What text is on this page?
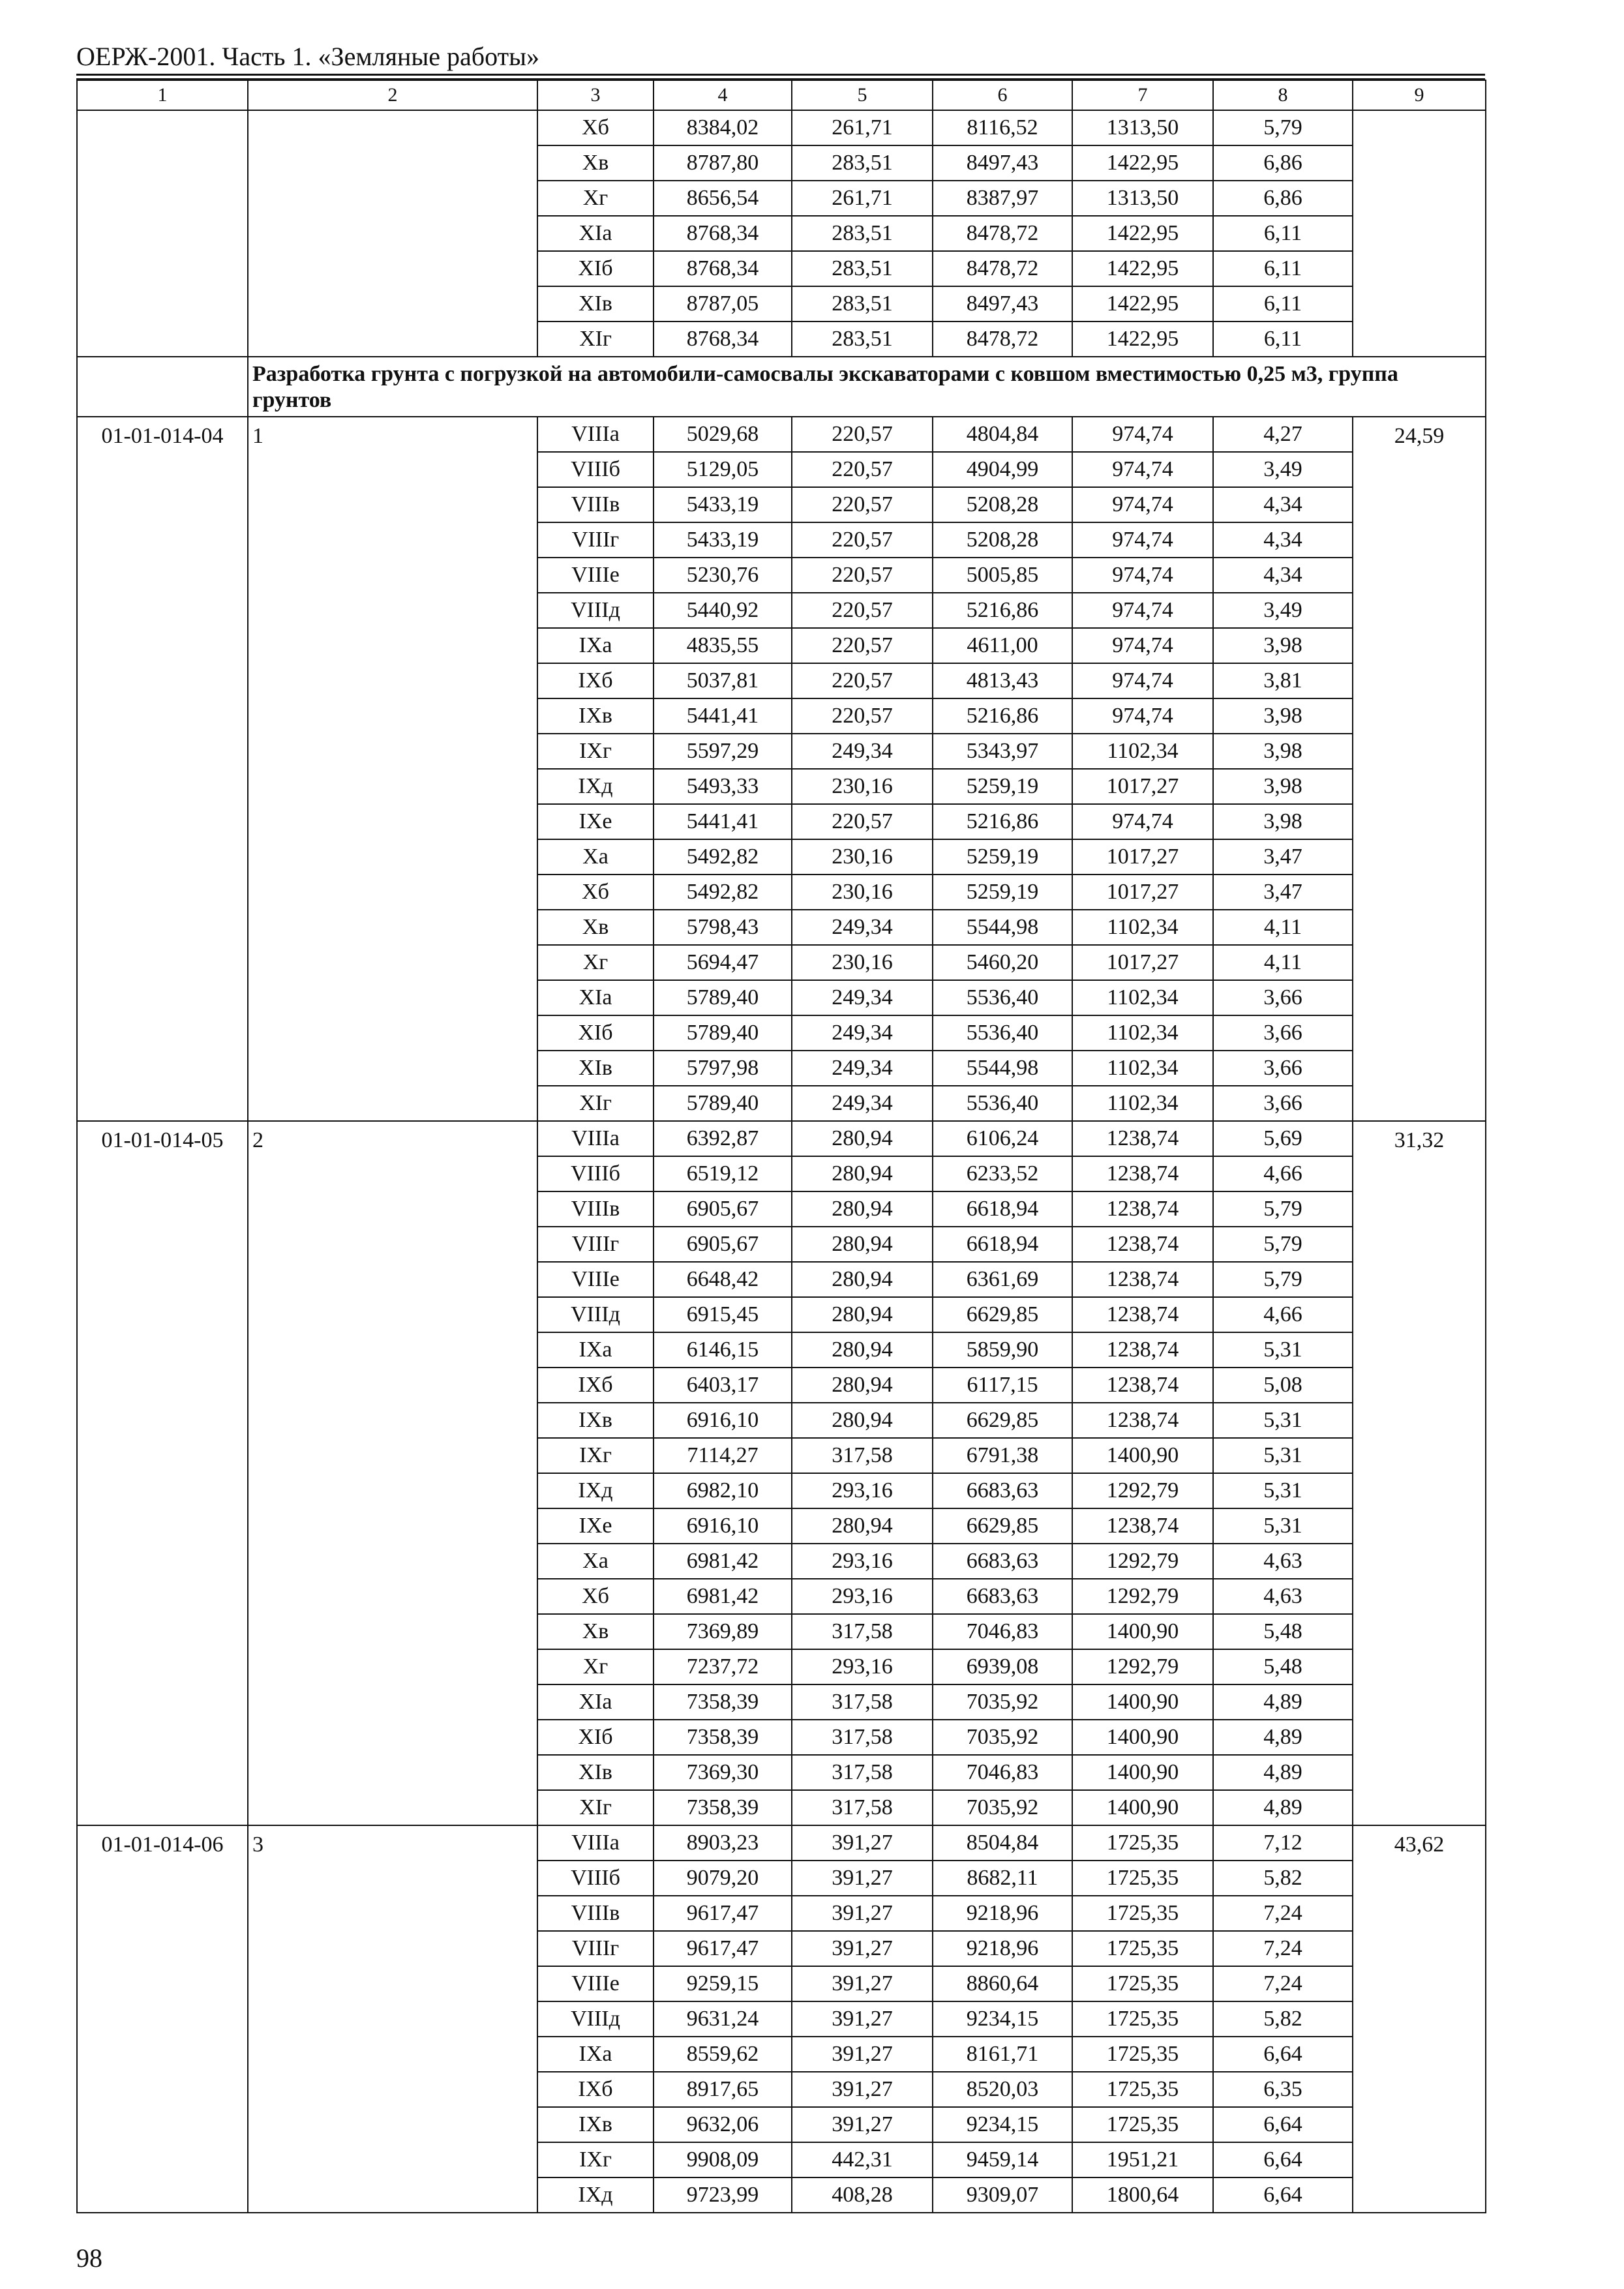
ОЕРЖ-2001. Часть 1. «Земляные работы»
1	2	3	4	5	6	7	8	9
		Хб	8384,02	261,71	8116,52	1313,50	5,79	
		Хв	8787,80	283,51	8497,43	1422,95	6,86	
		Хг	8656,54	261,71	8387,97	1313,50	6,86	
		ХIа	8768,34	283,51	8478,72	1422,95	6,11	
		ХIб	8768,34	283,51	8478,72	1422,95	6,11	
		ХIв	8787,05	283,51	8497,43	1422,95	6,11	
		ХIг	8768,34	283,51	8478,72	1422,95	6,11	
	Разработка грунта с погрузкой на автомобили-самосвалы экскаваторами с ковшом вместимостью 0,25 м3, группа грунтов							
01-01-014-04	1	VIIIа	5029,68	220,57	4804,84	974,74	4,27	24,59
		VIIIб	5129,05	220,57	4904,99	974,74	3,49	
		VIIIв	5433,19	220,57	5208,28	974,74	4,34	
		VIIIг	5433,19	220,57	5208,28	974,74	4,34	
		VIIIе	5230,76	220,57	5005,85	974,74	4,34	
		VIIIд	5440,92	220,57	5216,86	974,74	3,49	
		IХа	4835,55	220,57	4611,00	974,74	3,98	
		IХб	5037,81	220,57	4813,43	974,74	3,81	
		IХв	5441,41	220,57	5216,86	974,74	3,98	
		IХг	5597,29	249,34	5343,97	1102,34	3,98	
		IХд	5493,33	230,16	5259,19	1017,27	3,98	
		IХе	5441,41	220,57	5216,86	974,74	3,98	
		Ха	5492,82	230,16	5259,19	1017,27	3,47	
		Хб	5492,82	230,16	5259,19	1017,27	3,47	
		Хв	5798,43	249,34	5544,98	1102,34	4,11	
		Хг	5694,47	230,16	5460,20	1017,27	4,11	
		ХIа	5789,40	249,34	5536,40	1102,34	3,66	
		ХIб	5789,40	249,34	5536,40	1102,34	3,66	
		ХIв	5797,98	249,34	5544,98	1102,34	3,66	
		ХIг	5789,40	249,34	5536,40	1102,34	3,66	
01-01-014-05	2	VIIIа	6392,87	280,94	6106,24	1238,74	5,69	31,32
		VIIIб	6519,12	280,94	6233,52	1238,74	4,66	
		VIIIв	6905,67	280,94	6618,94	1238,74	5,79	
		VIIIг	6905,67	280,94	6618,94	1238,74	5,79	
		VIIIе	6648,42	280,94	6361,69	1238,74	5,79	
		VIIIд	6915,45	280,94	6629,85	1238,74	4,66	
		IХа	6146,15	280,94	5859,90	1238,74	5,31	
		IХб	6403,17	280,94	6117,15	1238,74	5,08	
		IХв	6916,10	280,94	6629,85	1238,74	5,31	
		IХг	7114,27	317,58	6791,38	1400,90	5,31	
		IХд	6982,10	293,16	6683,63	1292,79	5,31	
		IХе	6916,10	280,94	6629,85	1238,74	5,31	
		Ха	6981,42	293,16	6683,63	1292,79	4,63	
		Хб	6981,42	293,16	6683,63	1292,79	4,63	
		Хв	7369,89	317,58	7046,83	1400,90	5,48	
		Хг	7237,72	293,16	6939,08	1292,79	5,48	
		ХIа	7358,39	317,58	7035,92	1400,90	4,89	
		ХIб	7358,39	317,58	7035,92	1400,90	4,89	
		ХIв	7369,30	317,58	7046,83	1400,90	4,89	
		ХIг	7358,39	317,58	7035,92	1400,90	4,89	
01-01-014-06	3	VIIIа	8903,23	391,27	8504,84	1725,35	7,12	43,62
		VIIIб	9079,20	391,27	8682,11	1725,35	5,82	
		VIIIв	9617,47	391,27	9218,96	1725,35	7,24	
		VIIIг	9617,47	391,27	9218,96	1725,35	7,24	
		VIIIе	9259,15	391,27	8860,64	1725,35	7,24	
		VIIIд	9631,24	391,27	9234,15	1725,35	5,82	
		IХа	8559,62	391,27	8161,71	1725,35	6,64	
		IХб	8917,65	391,27	8520,03	1725,35	6,35	
		IХв	9632,06	391,27	9234,15	1725,35	6,64	
		IХг	9908,09	442,31	9459,14	1951,21	6,64	
		IХд	9723,99	408,28	9309,07	1800,64	6,64	
98
